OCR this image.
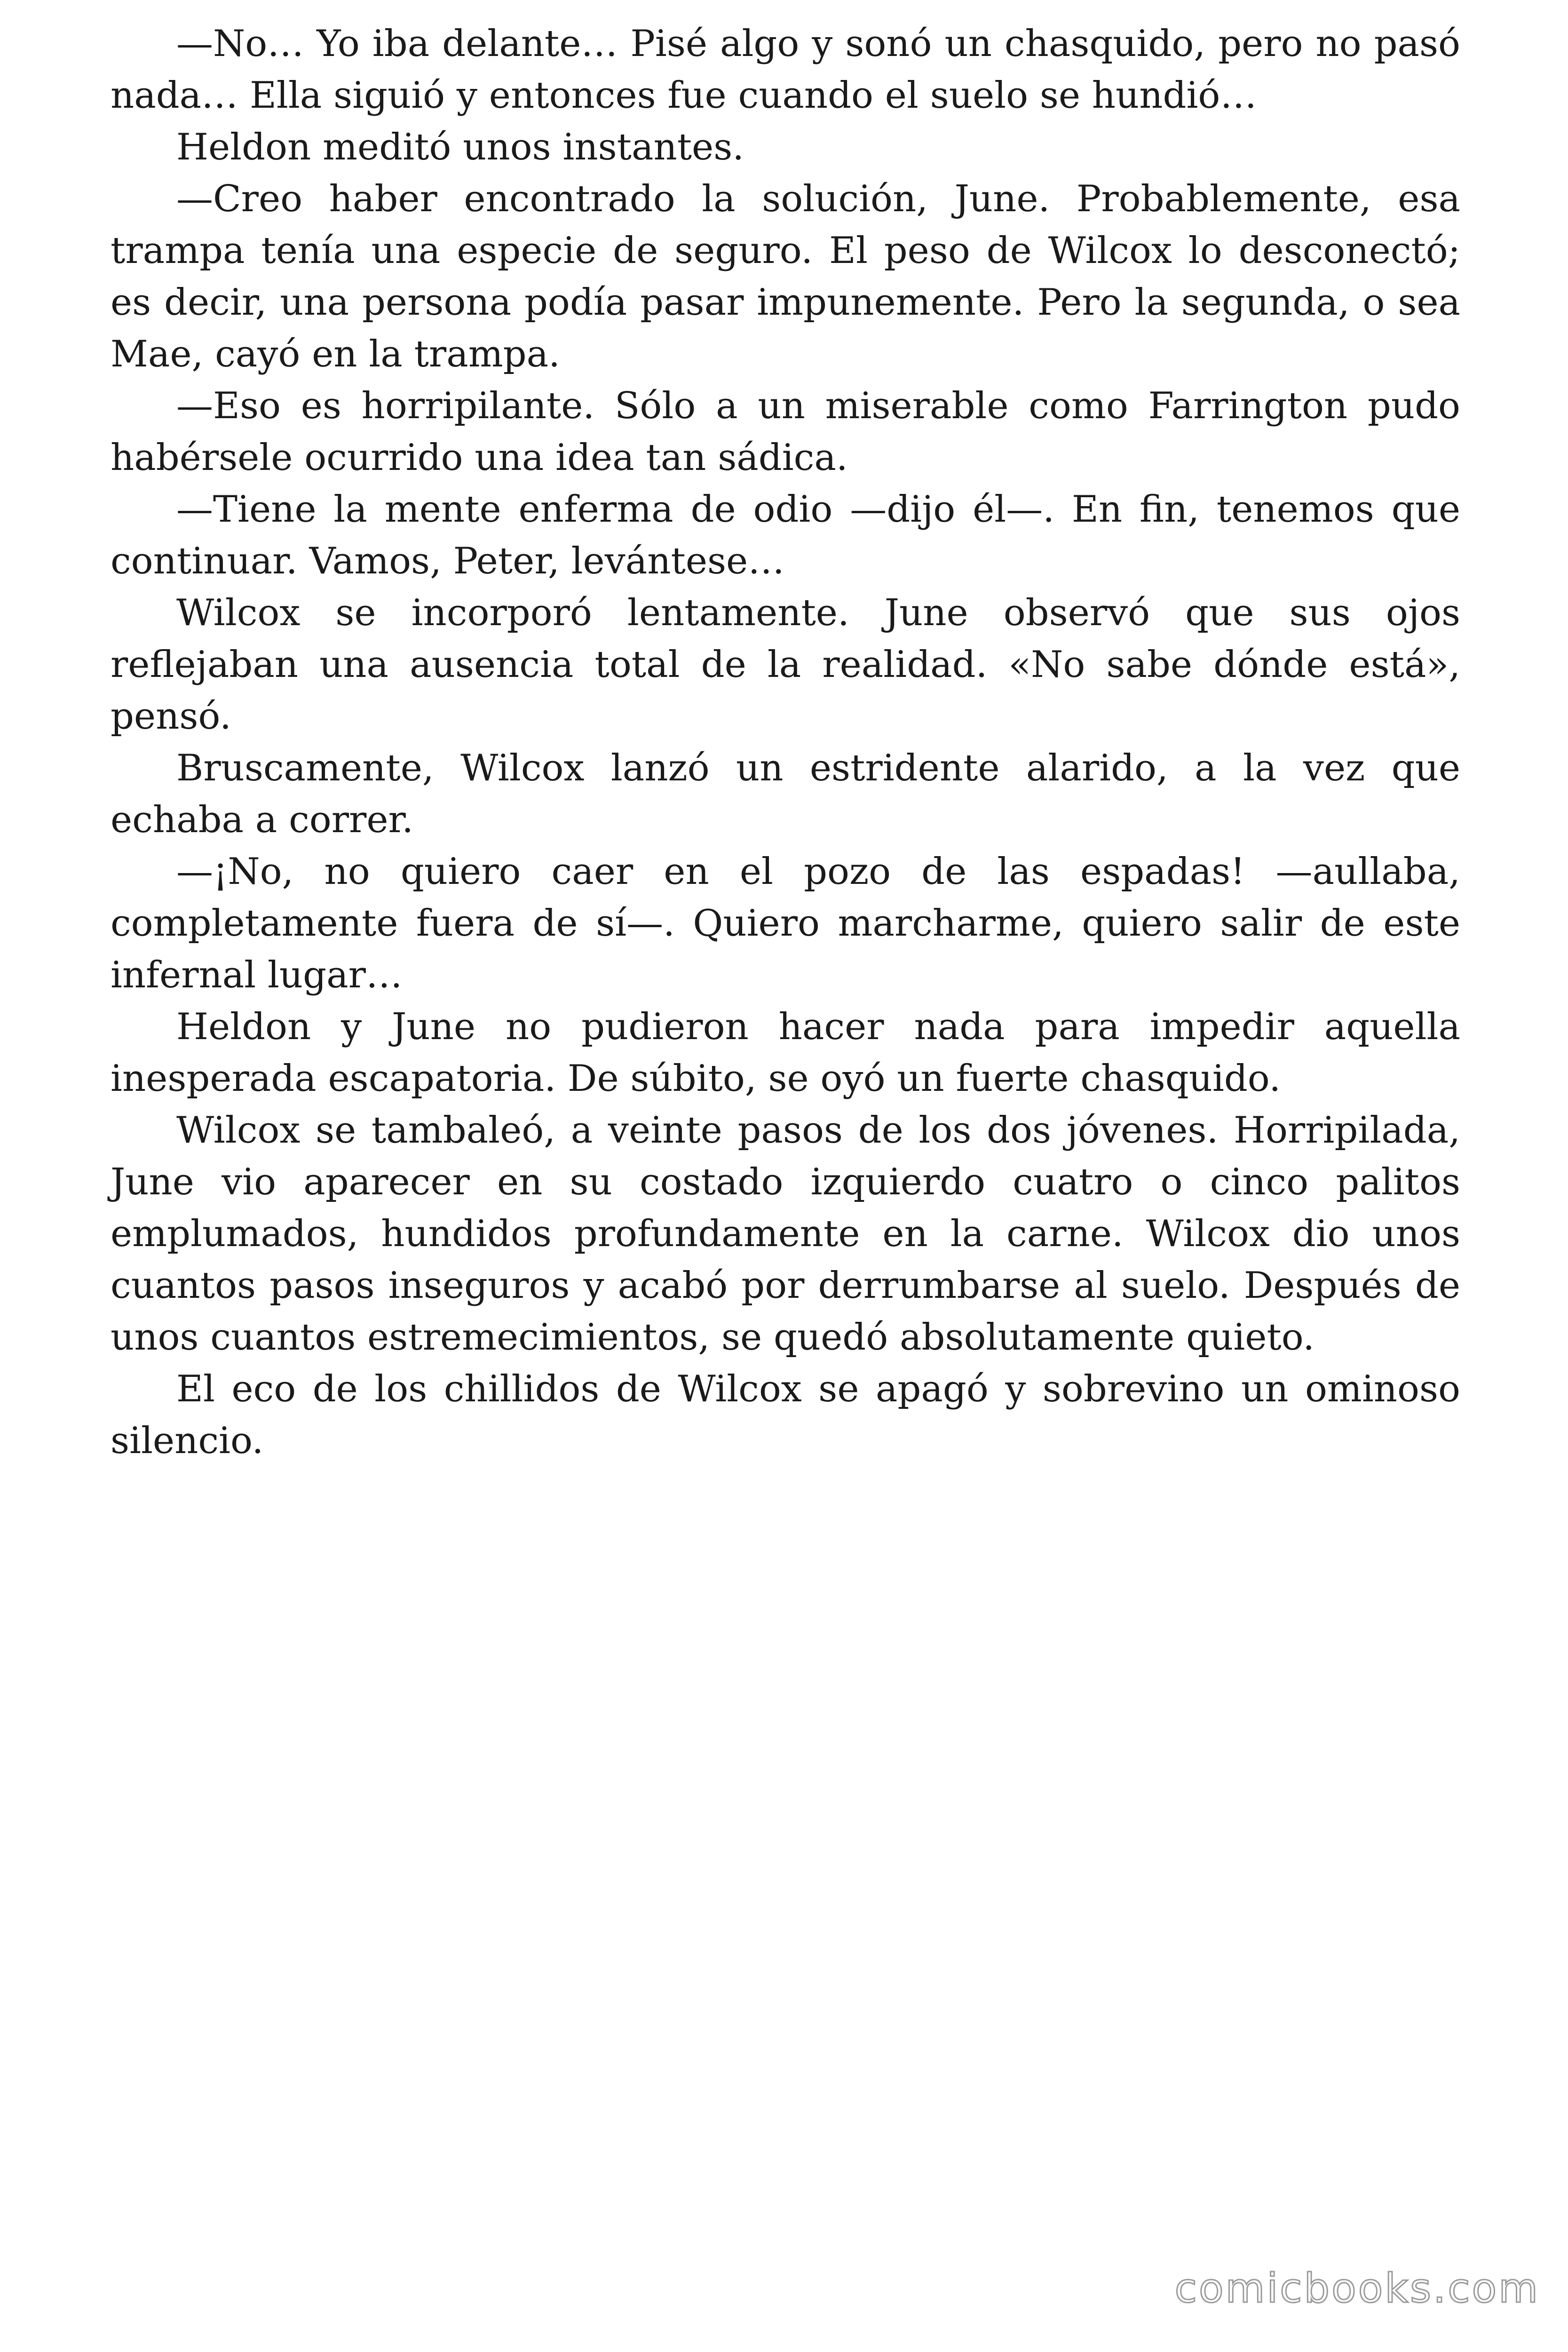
—No… Yo iba delante… Pisé algo y sonó un chasquido, pero no pasó nada… Ella siguió y entonces fue cuando el suelo se hundió…

Heldon meditó unos instantes.

—Creo haber encontrado la solución, June. Probablemente, esa trampa tenía una especie de seguro. El peso de Wilcox lo desconectó; es decir, una persona podía pasar impunemente. Pero la segunda, o sea Mae, cayó en la trampa.

—Eso es horripilante. Sólo a un miserable como Farrington pudo habérsele ocurrido una idea tan sádica.

—Tiene la mente enferma de odio —dijo él—. En fin, tenemos que continuar. Vamos, Peter, levántese…

Wilcox se incorporó lentamente. June observó que sus ojos reflejaban una ausencia total de la realidad. «No sabe dónde está», pensó.

Bruscamente, Wilcox lanzó un estridente alarido, a la vez que echaba a correr.

—¡No, no quiero caer en el pozo de las espadas! —aullaba, completamente fuera de sí—. Quiero marcharme, quiero salir de este infernal lugar…

Heldon y June no pudieron hacer nada para impedir aquella inesperada escapatoria. De súbito, se oyó un fuerte chasquido.

Wilcox se tambaleó, a veinte pasos de los dos jóvenes. Horripilada, June vio aparecer en su costado izquierdo cuatro o cinco palitos emplumados, hundidos profundamente en la carne. Wilcox dio unos cuantos pasos inseguros y acabó por derrumbarse al suelo. Después de unos cuantos estremecimientos, se quedó absolutamente quieto.

El eco de los chillidos de Wilcox se apagó y sobrevino un ominoso silencio.

comicbooks.com
